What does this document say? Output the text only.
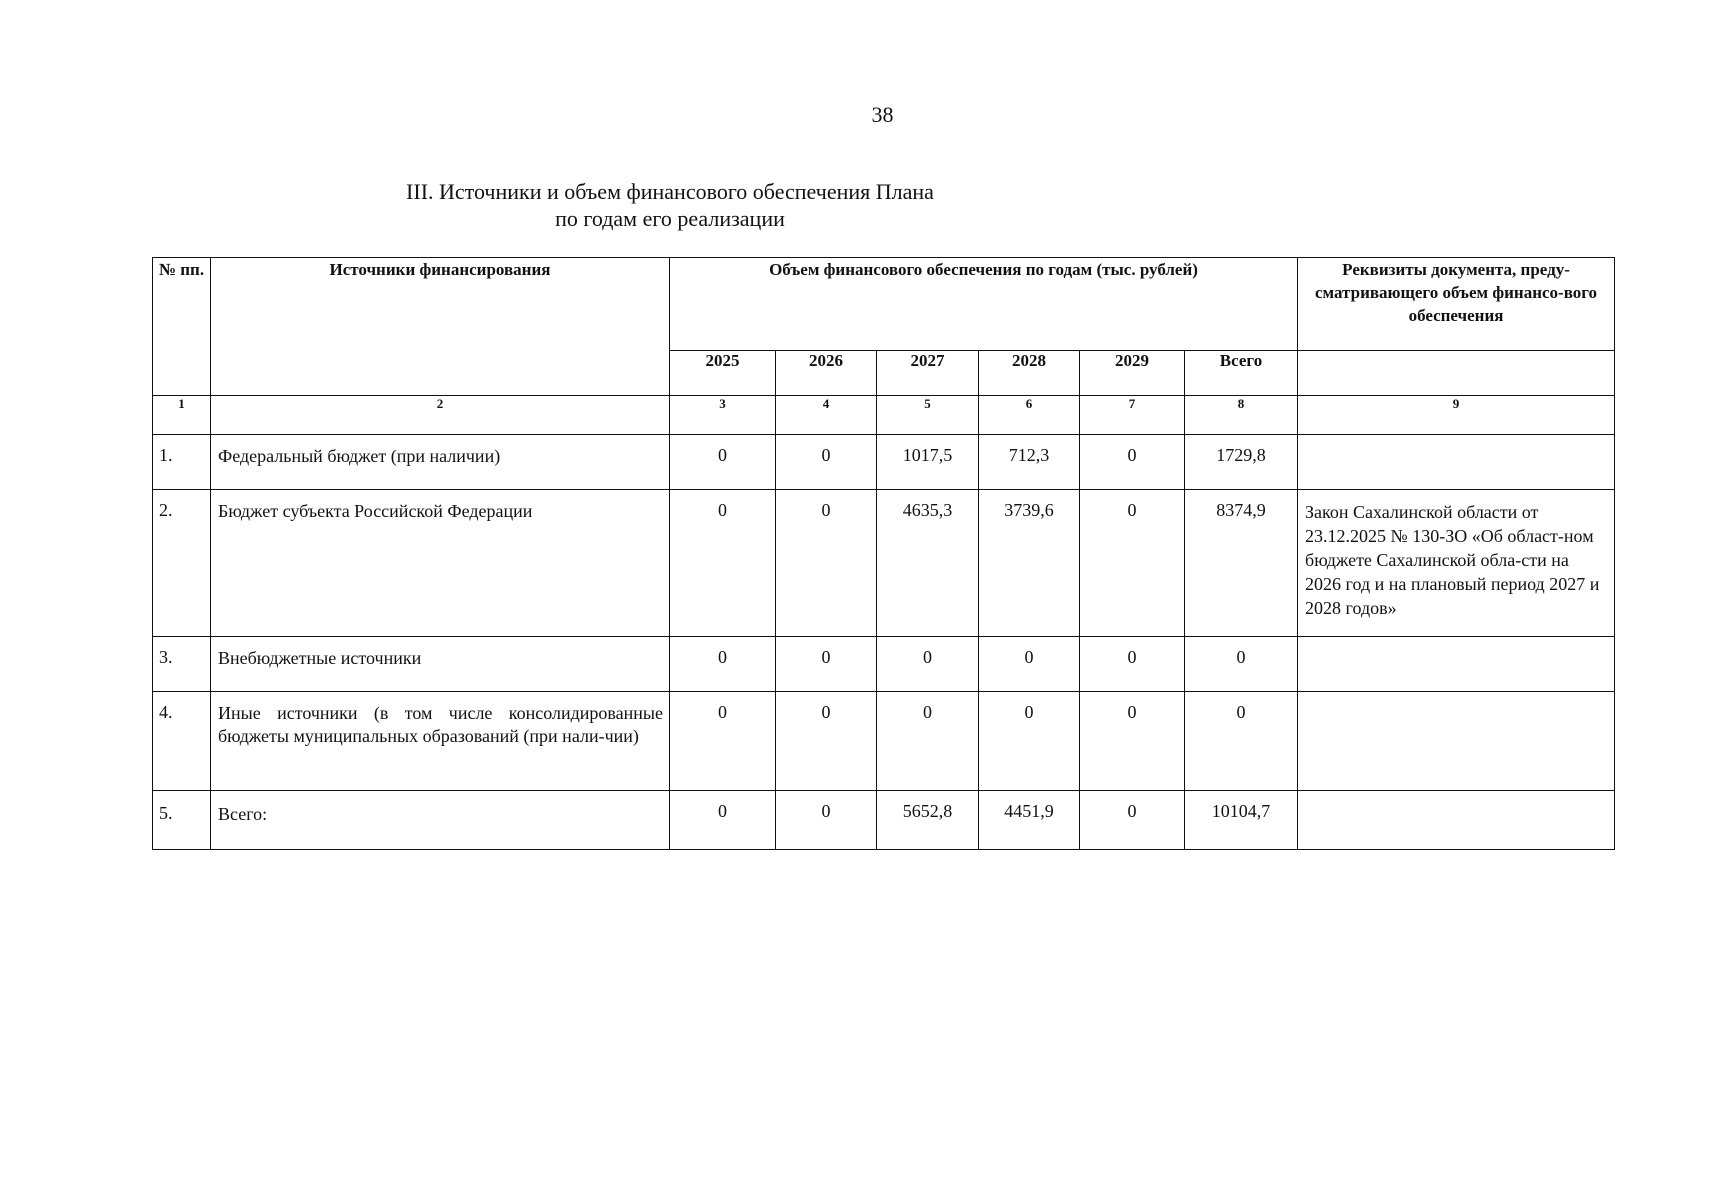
38
III. Источники и объем финансового обеспечения Плана
по годам его реализации
№ пп.	Источники финансирования	Объем финансового обеспечения по годам (тыс. рублей)						Реквизиты документа, преду-сматривающего объем финансо-вого обеспечения
		2025	2026	2027	2028	2029	Всего	
1	2	3	4	5	6	7	8	9
1.	Федеральный бюджет (при наличии)	0	0	1017,5	712,3	0	1729,8	
2.	Бюджет субъекта Российской Федерации	0	0	4635,3	3739,6	0	8374,9	Закон Сахалинской области от 23.12.2025 № 130-ЗО «Об област-ном бюджете Сахалинской обла-сти на 2026 год и на плановый период 2027 и 2028 годов»
3.	Внебюджетные источники	0	0	0	0	0	0	
4.	Иные источники (в том числе консолидированные бюджеты муниципальных образований (при нали-чии)	0	0	0	0	0	0	
5.	Всего:	0	0	5652,8	4451,9	0	10104,7	
